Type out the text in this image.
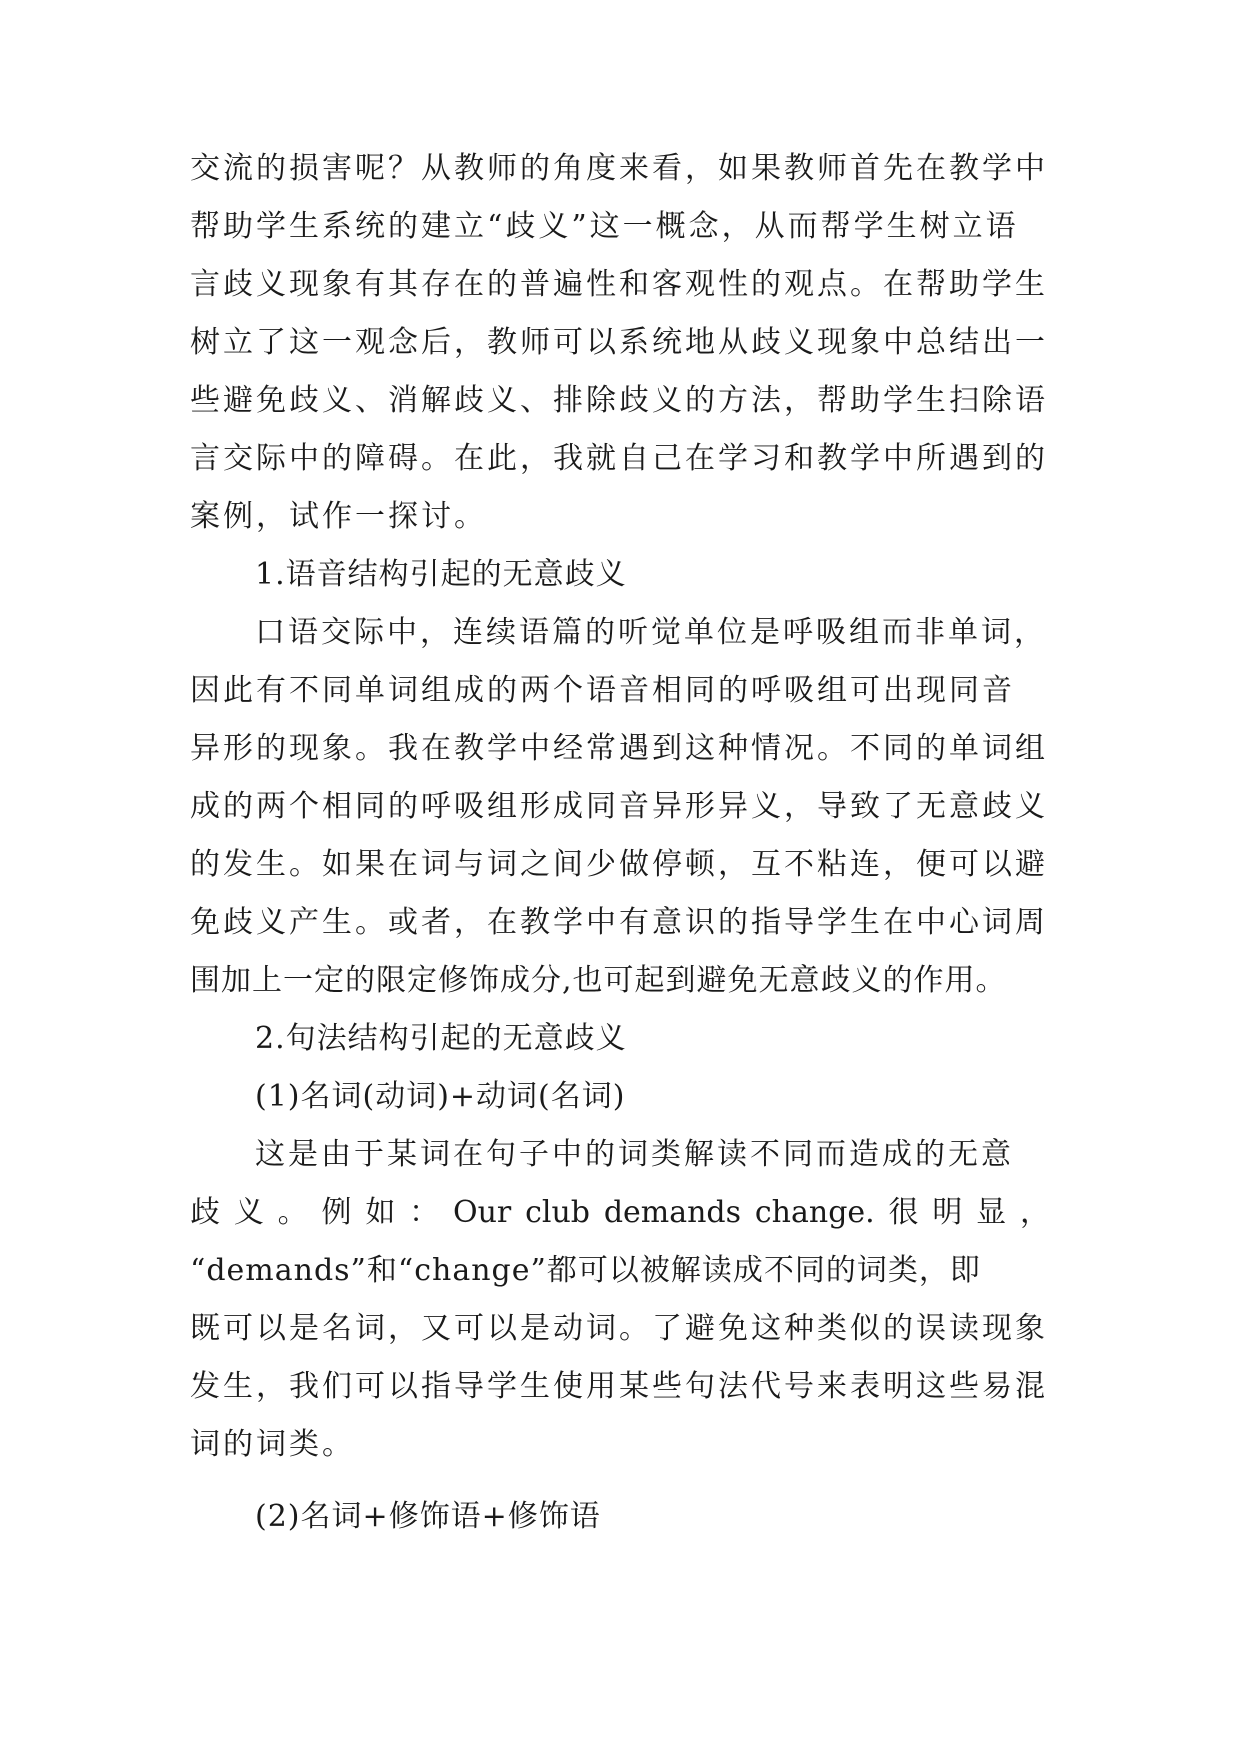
交流的损害呢？从教师的角度来看，如果教师首先在教学中
帮助学生系统的建立“歧义”这一概念，从而帮学生树立语
言歧义现象有其存在的普遍性和客观性的观点。在帮助学生
树立了这一观念后，教师可以系统地从歧义现象中总结出一
些避免歧义、消解歧义、排除歧义的方法，帮助学生扫除语
言交际中的障碍。在此，我就自己在学习和教学中所遇到的
案例，试作一探讨。
1.语音结构引起的无意歧义
口语交际中，连续语篇的听觉单位是呼吸组而非单词，
因此有不同单词组成的两个语音相同的呼吸组可出现同音
异形的现象。我在教学中经常遇到这种情况。不同的单词组
成的两个相同的呼吸组形成同音异形异义，导致了无意歧义
的发生。如果在词与词之间少做停顿，互不粘连，便可以避
免歧义产生。或者，在教学中有意识的指导学生在中心词周
围加上一定的限定修饰成分,也可起到避免无意歧义的作用。
2.句法结构引起的无意歧义
(1)名词(动词)+动词(名词)
这是由于某词在句子中的词类解读不同而造成的无意
歧 义 。 例 如 ： Our club demands change. 很 明 显 ，
“demands”和“change”都可以被解读成不同的词类，即
既可以是名词，又可以是动词。了避免这种类似的误读现象
发生，我们可以指导学生使用某些句法代号来表明这些易混
词的词类。
(2)名词+修饰语+修饰语
